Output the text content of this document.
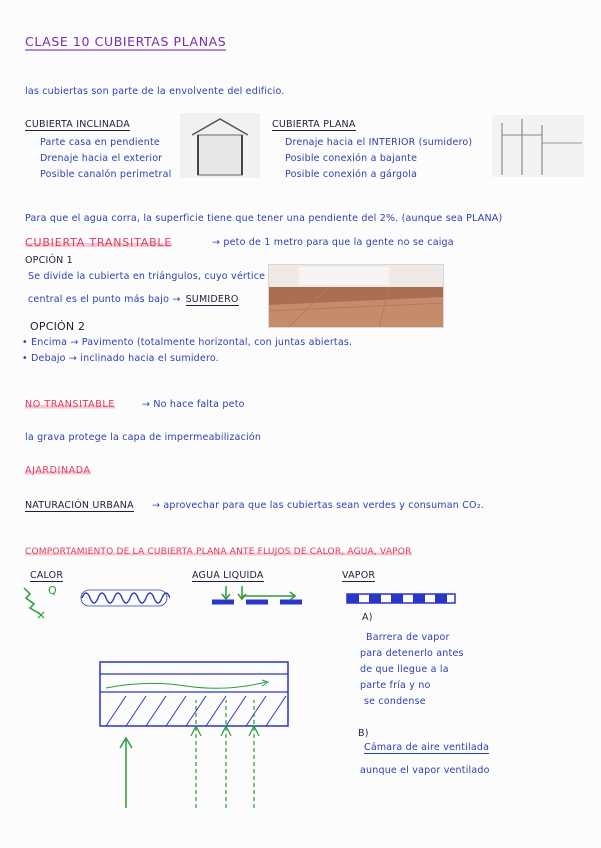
CLASE 10 CUBIERTAS PLANAS
las cubiertas son parte de la envolvente del edificio.
CUBIERTA INCLINADA
Parte casa en pendiente
Drenaje hacia el exterior
Posible canalón perimetral
CUBIERTA PLANA
Drenaje hacia el INTERIOR (sumidero)
Posible conexión a bajante
Posible conexión a gárgola
Para que el agua corra, la superficie tiene que tener una pendiente del 2%. (aunque sea PLANA)
CUBIERTA TRANSITABLE	→ peto de 1 metro para que la gente no se caiga
OPCIÓN 1
Se divide la cubierta en triángulos, cuyo vértice
central es el punto más bajo → SUMIDERO
OPCIÓN 2
• Encima → Pavimento (totalmente horizontal, con juntas abiertas.
• Debajo → inclinado hacia el sumidero.
NO TRANSITABLE	→ No hace falta peto
la grava protege la capa de impermeabilización
AJARDINADA
NATURACIÓN URBANA → aprovechar para que las cubiertas sean verdes y consuman CO₂.
COMPORTAMIENTO DE LA CUBIERTA PLANA ANTE FLUJOS DE CALOR, AGUA, VAPOR
CALOR	AGUA LIQUIDA	VAPOR
Q
A)
Barrera de vapor
para detenerlo antes
de que llegue a la
parte fría y no
se condense
B)
Cámara de aire ventilada
aunque el vapor ventilado
